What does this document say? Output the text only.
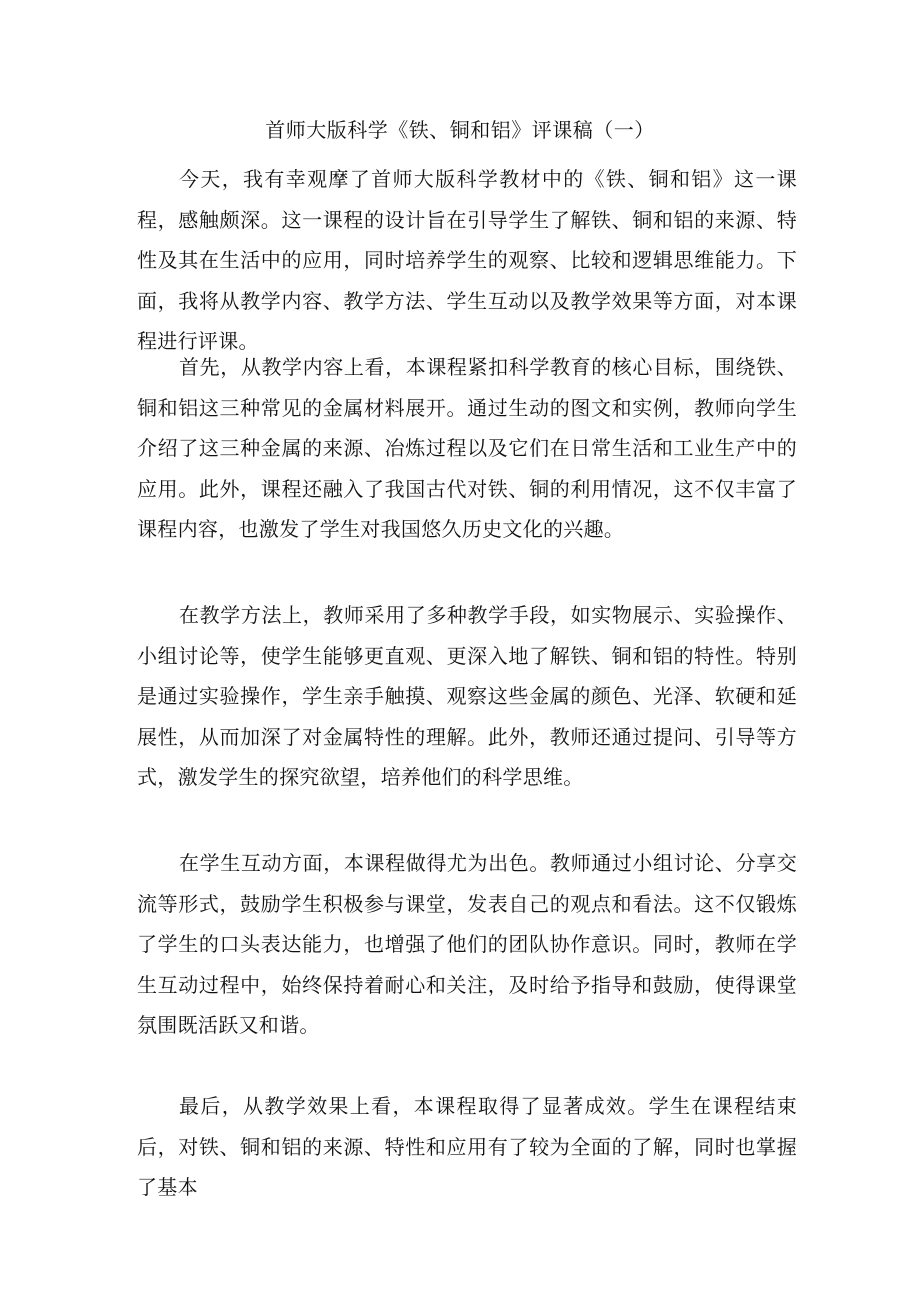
首师大版科学《铁、铜和铝》评课稿（一）

今天，我有幸观摩了首师大版科学教材中的《铁、铜和铝》这一课程，感触颇深。这一课程的设计旨在引导学生了解铁、铜和铝的来源、特性及其在生活中的应用，同时培养学生的观察、比较和逻辑思维能力。下面，我将从教学内容、教学方法、学生互动以及教学效果等方面，对本课程进行评课。

首先，从教学内容上看，本课程紧扣科学教育的核心目标，围绕铁、铜和铝这三种常见的金属材料展开。通过生动的图文和实例，教师向学生介绍了这三种金属的来源、冶炼过程以及它们在日常生活和工业生产中的应用。此外，课程还融入了我国古代对铁、铜的利用情况，这不仅丰富了课程内容，也激发了学生对我国悠久历史文化的兴趣。

在教学方法上，教师采用了多种教学手段，如实物展示、实验操作、小组讨论等，使学生能够更直观、更深入地了解铁、铜和铝的特性。特别是通过实验操作，学生亲手触摸、观察这些金属的颜色、光泽、软硬和延展性，从而加深了对金属特性的理解。此外，教师还通过提问、引导等方式，激发学生的探究欲望，培养他们的科学思维。

在学生互动方面，本课程做得尤为出色。教师通过小组讨论、分享交流等形式，鼓励学生积极参与课堂，发表自己的观点和看法。这不仅锻炼了学生的口头表达能力，也增强了他们的团队协作意识。同时，教师在学生互动过程中，始终保持着耐心和关注，及时给予指导和鼓励，使得课堂氛围既活跃又和谐。

最后，从教学效果上看，本课程取得了显著成效。学生在课程结束后，对铁、铜和铝的来源、特性和应用有了较为全面的了解，同时也掌握了基本
